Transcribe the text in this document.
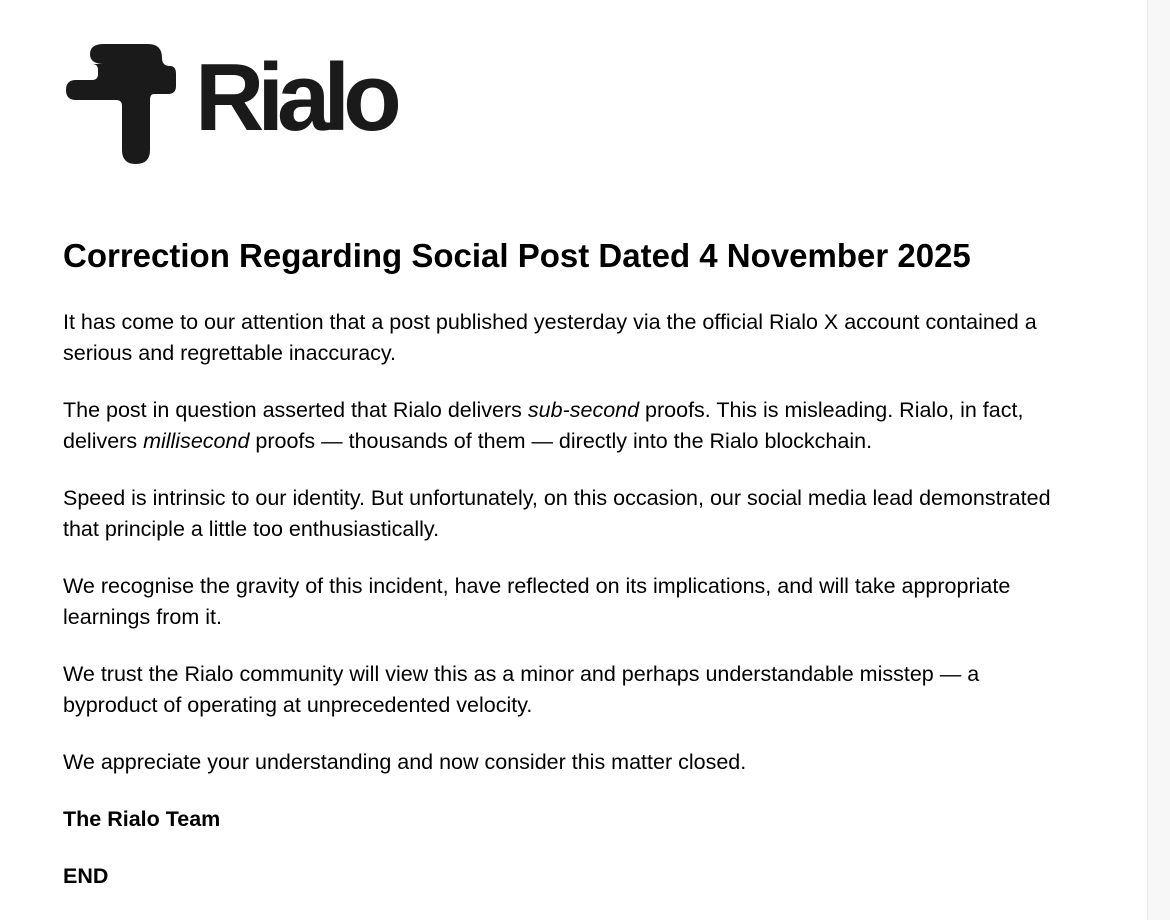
Rialo
Correction Regarding Social Post Dated 4 November 2025

It has come to our attention that a post published yesterday via the official Rialo X account contained a serious and regrettable inaccuracy.

The post in question asserted that Rialo delivers sub-second proofs. This is misleading. Rialo, in fact, delivers millisecond proofs — thousands of them — directly into the Rialo blockchain.

Speed is intrinsic to our identity. But unfortunately, on this occasion, our social media lead demonstrated that principle a little too enthusiastically.

We recognise the gravity of this incident, have reflected on its implications, and will take appropriate learnings from it.

We trust the Rialo community will view this as a minor and perhaps understandable misstep — a byproduct of operating at unprecedented velocity.

We appreciate your understanding and now consider this matter closed.

The Rialo Team

END
